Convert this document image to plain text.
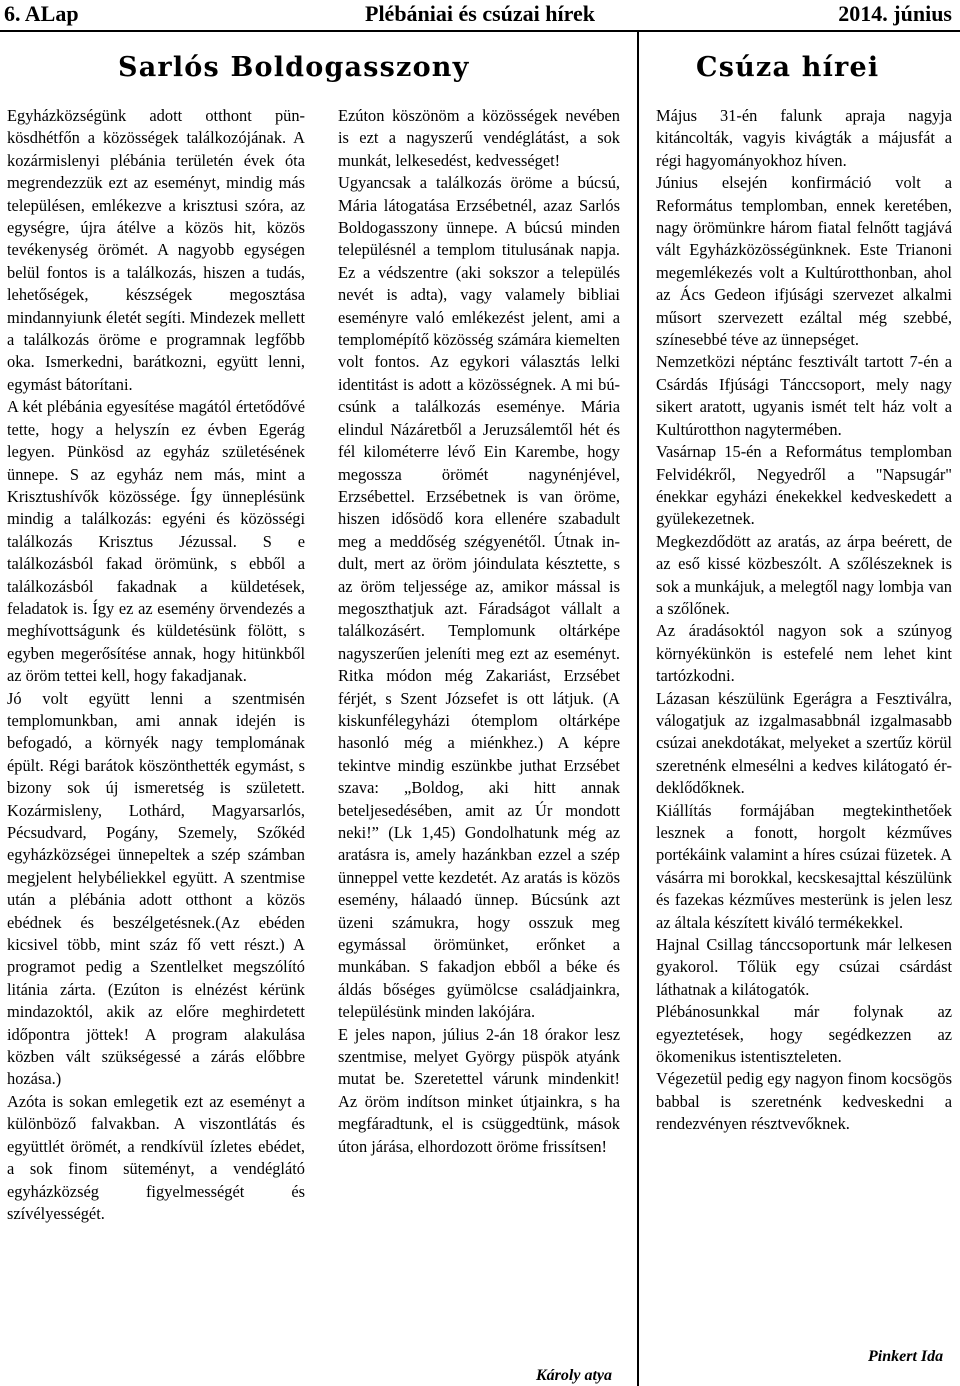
6. ALap	Plébániai és csúzai hírek	2014. június
Sarlós Boldogasszony	Csúza hírei

Egyházközségünk adott otthont pünkösdhétfőn a közösségek találkozójának. A kozármislenyi plébánia területén évek óta megrendezzük ezt az eseményt, mindig más településen, emlékezve a krisztusi szóra, az egységre, újra átélve a közös hit, közös tevékenység örömét. A nagyobb egységen belül fontos is a találkozás, hiszen a tudás, lehetőségek, készségek megosztása mindannyiunk életét segíti. Mindezek mellett a találkozás öröme e programnak legfőbb oka. Ismerkedni, barátkozni, együtt lenni, egymást bátorítani.

A két plébánia egyesítése magától értetődővé tette, hogy a helyszín ez évben Egerág legyen. Pünkösd az egyház születésének ünnepe. S az egyház nem más, mint a Krisztushívők közössége. Így ünneplésünk mindig a találkozás: egyéni és közösségi találkozás Krisztus Jézussal. S e találkozásból fakad örömünk, s ebből a találkozásból fakadnak a küldetések, feladatok is. Így ez az esemény örvendezés a meghívottságunk és küldetésünk fölött, s egyben megerősítése annak, hogy hitünkből az öröm tettei kell, hogy fakadjanak.

Jó volt együtt lenni a szentmisén templomunkban, ami annak idején is befogadó, a környék nagy templomának épült. Régi barátok köszönthették egymást, s bizony sok új ismeretség is született. Kozármisleny, Lothárd, Magyarsarlós, Pécsudvard, Pogány, Szemely, Szőkéd egyházközségei ünnepeltek a szép számban megjelent helybéliekkel együtt. A szentmise után a plébánia adott otthont a közös ebédnek és beszélgetésnek.(Az ebéden kicsivel több, mint száz fő vett részt.) A programot pedig a Szentlelket megszólító litánia zárta. (Ezúton is elnézést kérünk mindazoktól, akik az előre meghirdetett időpontra jöttek! A program alakulása közben vált szükségessé a zárás előbbre hozása.)

Azóta is sokan emlegetik ezt az eseményt a különböző falvakban. A viszontlátás és együttlét örömét, a rendkívül ízletes ebédet, a sok finom süteményt, a vendéglátó egyházközség figyelmességét és szívélyességét.

Ezúton köszönöm a közösségek nevében is ezt a nagyszerű vendéglátást, a sok munkát, lelkesedést, kedvességet!

Ugyancsak a találkozás öröme a búcsú, Mária látogatása Erzsébetnél, azaz Sarlós Boldogasszony ünnepe. A búcsú minden településnél a templom titulusának napja. Ez a védszentre (aki sokszor a település nevét is adta), vagy valamely bibliai eseményre való emlékezést jelent, ami a templomépítő közösség számára kiemelten volt fontos. Az egykori választás lelki identitást is adott a közösségnek. A mi búcsúnk a találkozás eseménye. Mária elindul Názáretből a Jeruzsálemtől hét és fél kilométerre lévő Ein Karembe, hogy megossza örömét nagynénjével, Erzsébettel. Erzsébetnek is van öröme, hiszen idősödő kora ellenére szabadult meg a meddőség szégyenétől. Útnak indult, mert az öröm jóindulata késztette, s az öröm teljessége az, amikor mással is megoszthatjuk azt. Fáradságot vállalt a találkozásért. Templomunk oltárképe nagyszerűen jeleníti meg ezt az eseményt. Ritka módon még Zakariást, Erzsébet férjét, s Szent Józsefet is ott látjuk. (A kiskunfélegyházi ótemplom oltárképe hasonló még a miénkhez.) A képre tekintve mindig eszünkbe juthat Erzsébet szava: „Boldog, aki hitt annak beteljesedésében, amit az Úr mondott neki!” (Lk 1,45) Gondolhatunk még az aratásra is, amely hazánkban ezzel a szép ünneppel vette kezdetét. Az aratás is közös esemény, hálaadó ünnep. Búcsúnk azt üzeni számukra, hogy osszuk meg egymással örömünket, erőnket a munkában. S fakadjon ebből a béke és áldás bőséges gyümölcse családjainkra, településünk minden lakójára.

E jeles napon, július 2-án 18 órakor lesz szentmise, melyet György püspök atyánk mutat be. Szeretettel várunk mindenkit! Az öröm indítson minket útjainkra, s ha megfáradtunk, el is csüggedtünk, mások úton járása, elhordozott öröme frissítsen!

Károly atya

Május 31-én falunk apraja nagyja kitáncolták, vagyis kivágták a májusfát a régi hagyományokhoz híven.

Június elsején konfirmáció volt a Református templomban, ennek keretében, nagy örömünkre három fiatal felnőtt tagjává vált Egyházközösségünknek. Este Trianoni megemlékezés volt a Kultúrotthonban, ahol az Ács Gedeon ifjúsági szervezet alkalmi műsort szervezett ezáltal még szebbé, színesebbé téve az ünnepséget.

Nemzetközi néptánc fesztivált tartott 7-én a Csárdás Ifjúsági Tánccsoport, mely nagy sikert aratott, ugyanis ismét telt ház volt a Kultúrotthon nagytermében.

Vasárnap 15-én a Református templomban Felvidékről, Negyedről a "Napsugár" énekkar egyházi énekekkel kedveskedett a gyülekezetnek.

Megkezdődött az aratás, az árpa beérett, de az eső kissé közbeszólt. A szőlészeknek is sok a munkájuk, a melegtől nagy lombja van a szőlőnek.

Az áradásoktól nagyon sok a szúnyog környékünkön is estefelé nem lehet kint tartózkodni.

Lázasan készülünk Egerágra a Fesztiválra, válogatjuk az izgalmasabbnál izgalmasabb csúzai anekdotákat, melyeket a szertűz körül szeretnénk elmesélni a kedves kilátogató érdeklődőknek.

Kiállítás formájában megtekinthetőek lesznek a fonott, horgolt kézműves portékáink valamint a híres csúzai füzetek. A vásárra mi borokkal, kecskesajttal készülünk és fazekas kézműves mesterünk is jelen lesz az általa készített kiváló termékekkel.

Hajnal Csillag tánccsoportunk már lelkesen gyakorol. Tőlük egy csúzai csárdást láthatnak a kilátogatók.

Plébánosunkkal már folynak az egyeztetések, hogy segédkezzen az ökomenikus istentiszteleten.

Végezetül pedig egy nagyon finom kocsögös babbal is szeretnénk kedveskedni a rendezvényen résztvevőknek.

Pinkert Ida
